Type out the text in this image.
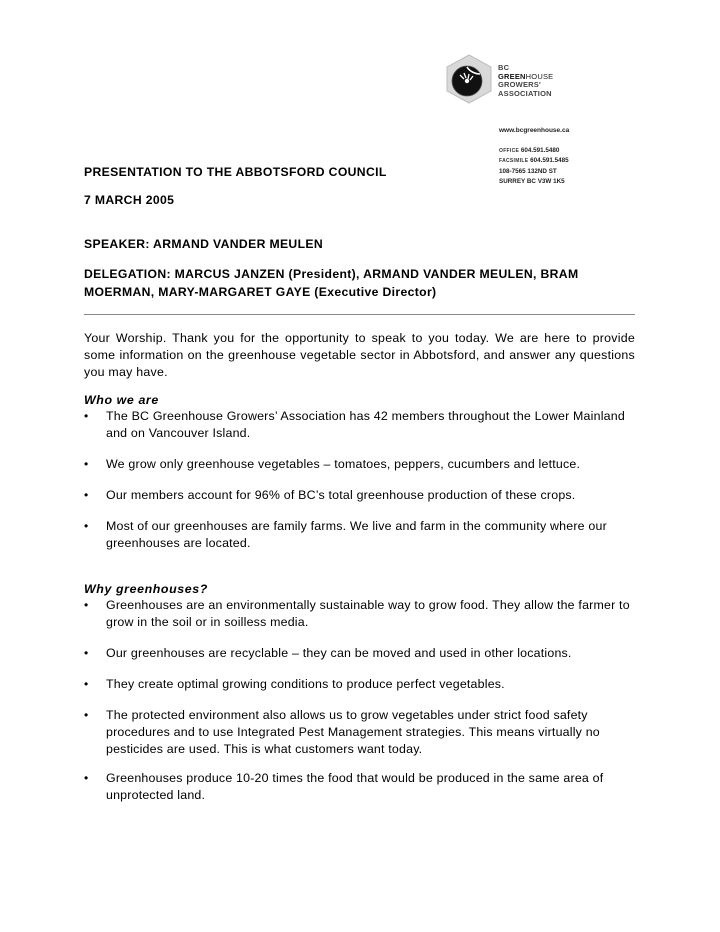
BC
GREENHOUSE
GROWERS'
ASSOCIATION
www.bcgreenhouse.ca
OFFICE 604.591.5480
FACSIMILE 604.591.5485
108-7565 132ND ST
SURREY BC V3W 1K5
PRESENTATION TO THE ABBOTSFORD COUNCIL
7 MARCH 2005
SPEAKER: ARMAND VANDER MEULEN
DELEGATION: MARCUS JANZEN (President), ARMAND VANDER MEULEN, BRAM
MOERMAN, MARY-MARGARET GAYE (Executive Director)
Your Worship. Thank you for the opportunity to speak to you today. We are here to provide some information on the greenhouse vegetable sector in Abbotsford, and answer any questions you may have.
Who we are
•	The BC Greenhouse Growers’ Association has 42 members throughout the Lower Mainland and on Vancouver Island.
•	We grow only greenhouse vegetables – tomatoes, peppers, cucumbers and lettuce.
•	Our members account for 96% of BC’s total greenhouse production of these crops.
•	Most of our greenhouses are family farms. We live and farm in the community where our greenhouses are located.
Why greenhouses?
•	Greenhouses are an environmentally sustainable way to grow food. They allow the farmer to grow in the soil or in soilless media.
•	Our greenhouses are recyclable – they can be moved and used in other locations.
•	They create optimal growing conditions to produce perfect vegetables.
•	The protected environment also allows us to grow vegetables under strict food safety procedures and to use Integrated Pest Management strategies. This means virtually no pesticides are used. This is what customers want today.
•	Greenhouses produce 10-20 times the food that would be produced in the same area of unprotected land.
